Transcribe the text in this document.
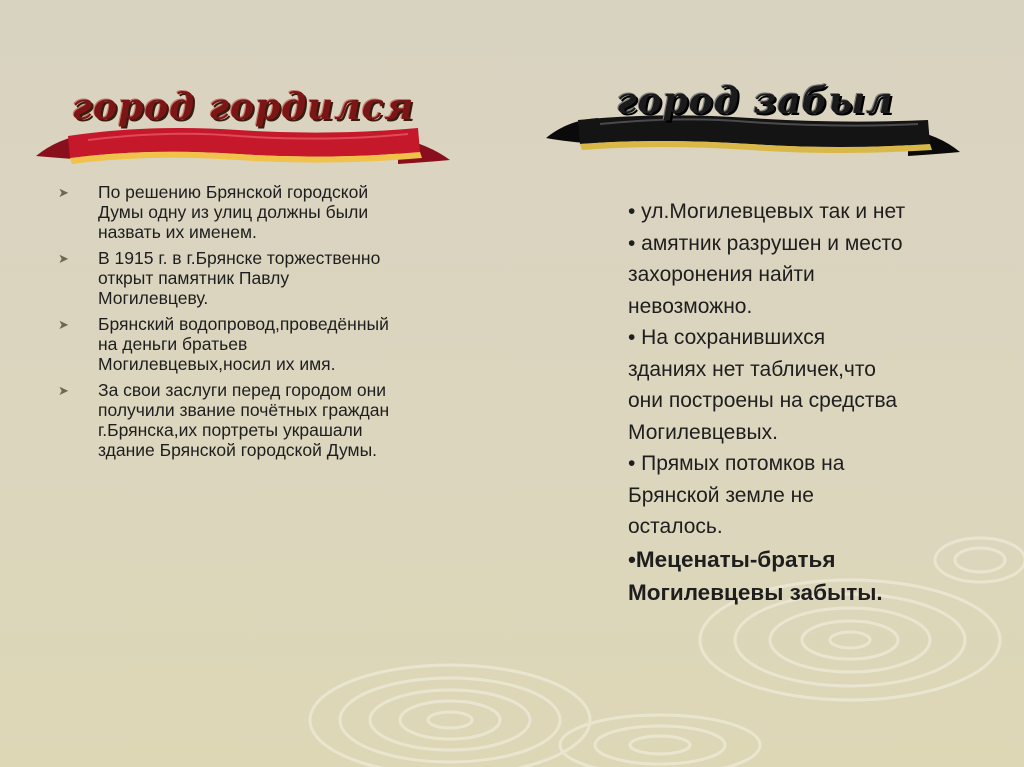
город гордился	город забыл
➤ По решению Брянской городской Думы одну из улиц должны были назвать их именем.
➤ В 1915 г. в г.Брянске торжественно открыт памятник Павлу Могилевцеву.
➤ Брянский водопровод,проведённый на деньги братьев Могилевцевых,носил их имя.
➤ За свои заслуги перед городом они получили звание почётных граждан г.Брянска,их портреты украшали здание Брянской городской Думы.
• ул.Могилевцевых так и нет
• амятник разрушен и место
захоронения найти
невозможно.
• На сохранившихся
зданиях нет табличек,что
они построены на средства
Могилевцевых.
• Прямых потомков на
Брянской земле не
осталось.
•Меценаты-братья
Могилевцевы забыты.
